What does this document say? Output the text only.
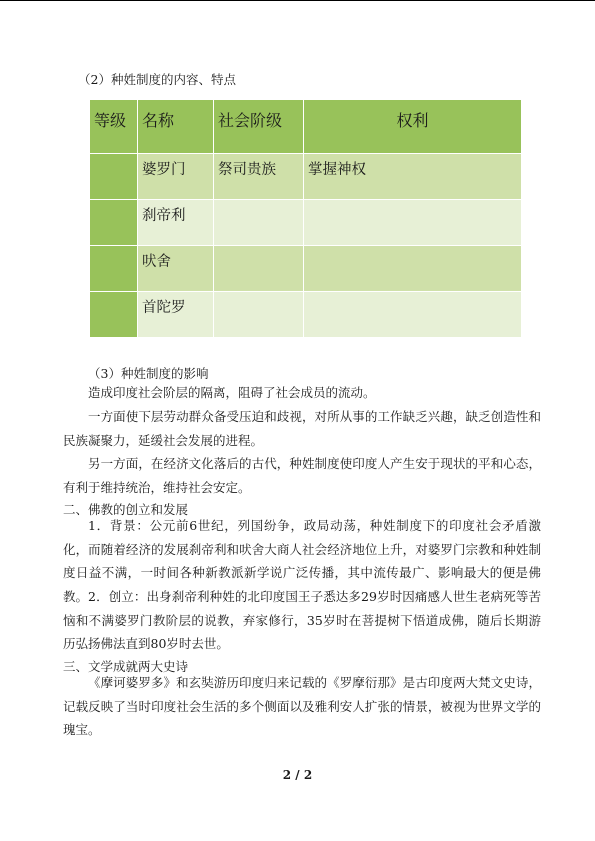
（2）种姓制度的内容、特点
等级	名称	社会阶级	权利
	婆罗门	祭司贵族	掌握神权
	刹帝利		
	吠舍		
	首陀罗		
（3）种姓制度的影响

造成印度社会阶层的隔离，阻碍了社会成员的流动。

一方面使下层劳动群众备受压迫和歧视，对所从事的工作缺乏兴趣，缺乏创造性和民族凝聚力，延缓社会发展的进程。

另一方面，在经济文化落后的古代，种姓制度使印度人产生安于现状的平和心态，有利于维持统治，维持社会安定。

二、佛教的创立和发展

1．背景：公元前6世纪，列国纷争，政局动荡，种姓制度下的印度社会矛盾激化，而随着经济的发展刹帝利和吠舍大商人社会经济地位上升，对婆罗门宗教和种姓制度日益不满，一时间各种新教派新学说广泛传播，其中流传最广、影响最大的便是佛教。 2．创立：出身刹帝利种姓的北印度国王子悉达多29岁时因痛感人世生老病死等苦恼和不满婆罗门教阶层的说教，弃家修行，35岁时在菩提树下悟道成佛，随后长期游历弘扬佛法直到80岁时去世。

三、文学成就两大史诗

《摩诃婆罗多》和玄奘游历印度归来记载的《罗摩衍那》是古印度两大梵文史诗，记载反映了当时印度社会生活的多个侧面以及雅利安人扩张的情景，被视为世界文学的瑰宝。

2 / 2
